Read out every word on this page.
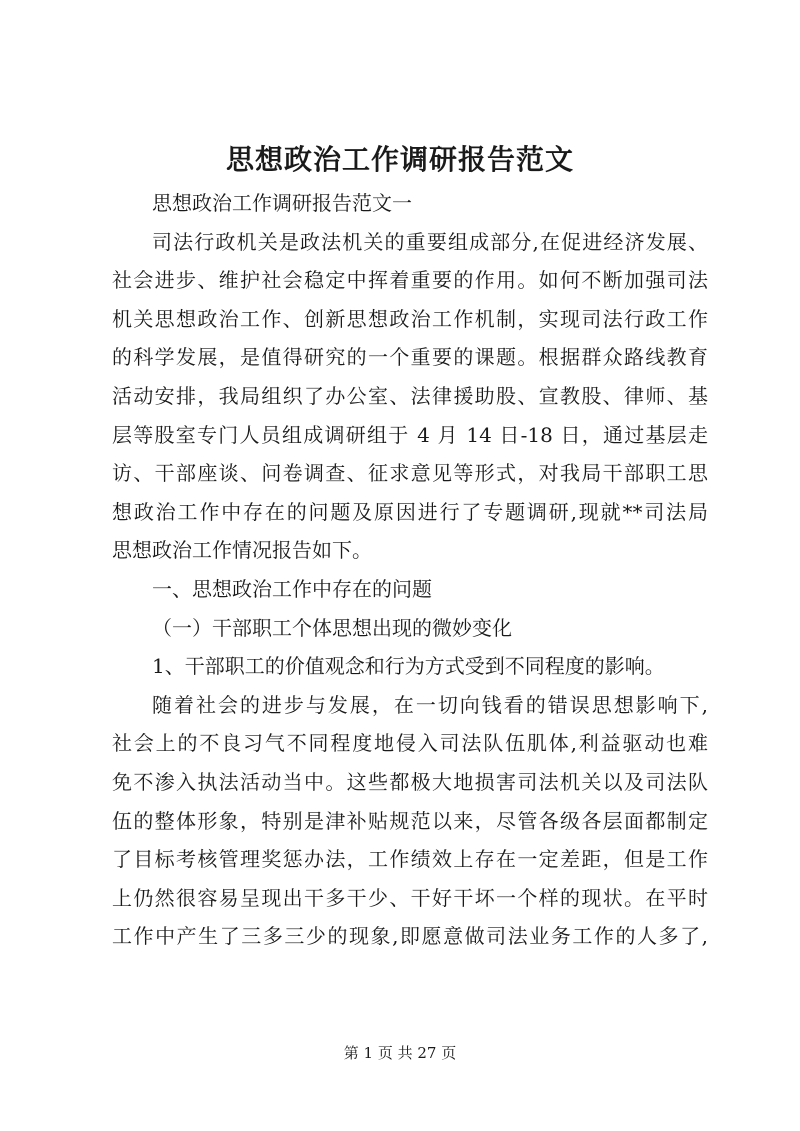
思想政治工作调研报告范文
思想政治工作调研报告范文一
司法行政机关是政法机关的重要组成部分,在促进经济发展、
社会进步、维护社会稳定中挥着重要的作用。如何不断加强司法
机关思想政治工作、创新思想政治工作机制，实现司法行政工作
的科学发展，是值得研究的一个重要的课题。根据群众路线教育
活动安排，我局组织了办公室、法律援助股、宣教股、律师、基
层等股室专门人员组成调研组于 4 月 14 日-18 日，通过基层走
访、干部座谈、问卷调查、征求意见等形式，对我局干部职工思
想政治工作中存在的问题及原因进行了专题调研,现就**司法局
思想政治工作情况报告如下。
一、思想政治工作中存在的问题
（一）干部职工个体思想出现的微妙变化
1、干部职工的价值观念和行为方式受到不同程度的影响。
随着社会的进步与发展，在一切向钱看的错误思想影响下,
社会上的不良习气不同程度地侵入司法队伍肌体,利益驱动也难
免不渗入执法活动当中。这些都极大地损害司法机关以及司法队
伍的整体形象，特别是津补贴规范以来，尽管各级各层面都制定
了目标考核管理奖惩办法，工作绩效上存在一定差距，但是工作
上仍然很容易呈现出干多干少、干好干坏一个样的现状。在平时
工作中产生了三多三少的现象,即愿意做司法业务工作的人多了,
第 1 页 共 27 页
